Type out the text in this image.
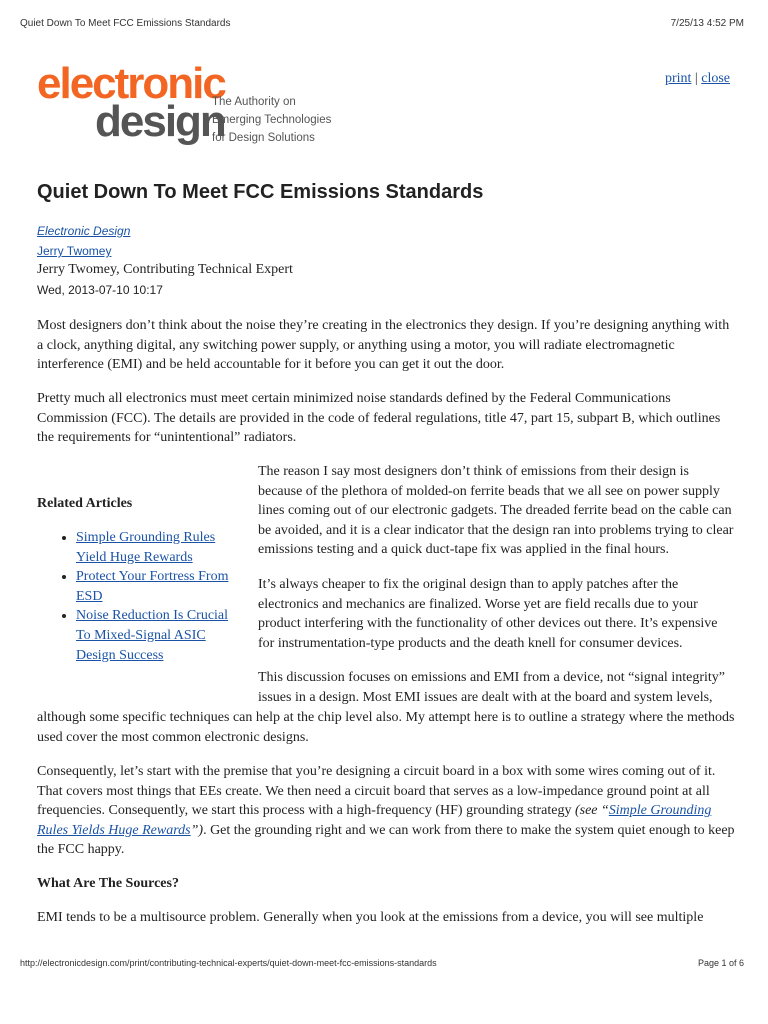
Quiet Down To Meet FCC Emissions Standards	7/25/13 4:52 PM
electronic
design
The Authority on
Emerging Technologies
for Design Solutions
print | close
Quiet Down To Meet FCC Emissions Standards
Electronic Design
Jerry Twomey
Jerry Twomey, Contributing Technical Expert
Wed, 2013-07-10 10:17

Most designers don’t think about the noise they’re creating in the electronics they design. If you’re designing anything with a clock, anything digital, any switching power supply, or anything using a motor, you will radiate electromagnetic interference (EMI) and be held accountable for it before you can get it out the door.

Pretty much all electronics must meet certain minimized noise standards defined by the Federal Communications Commission (FCC). The details are provided in the code of federal regulations, title 47, part 15, subpart B, which outlines the requirements for “unintentional” radiators.

Related Articles
• Simple Grounding Rules Yield Huge Rewards
• Protect Your Fortress From ESD
• Noise Reduction Is Crucial To Mixed-Signal ASIC Design Success

The reason I say most designers don’t think of emissions from their design is because of the plethora of molded-on ferrite beads that we all see on power supply lines coming out of our electronic gadgets. The dreaded ferrite bead on the cable can be avoided, and it is a clear indicator that the design ran into problems trying to clear emissions testing and a quick duct-tape fix was applied in the final hours.

It’s always cheaper to fix the original design than to apply patches after the electronics and mechanics are finalized. Worse yet are field recalls due to your product interfering with the functionality of other devices out there. It’s expensive for instrumentation-type products and the death knell for consumer devices.

This discussion focuses on emissions and EMI from a device, not “signal integrity” issues in a design. Most EMI issues are dealt with at the board and system levels,

although some specific techniques can help at the chip level also. My attempt here is to outline a strategy where the methods used cover the most common electronic designs.

Consequently, let’s start with the premise that you’re designing a circuit board in a box with some wires coming out of it. That covers most things that EEs create. We then need a circuit board that serves as a low-impedance ground point at all frequencies. Consequently, we start this process with a high-frequency (HF) grounding strategy (see “Simple Grounding Rules Yields Huge Rewards”). Get the grounding right and we can work from there to make the system quiet enough to keep the FCC happy.

What Are The Sources?

EMI tends to be a multisource problem. Generally when you look at the emissions from a device, you will see multiple

http://electronicdesign.com/print/contributing-technical-experts/quiet-down-meet-fcc-emissions-standards	Page 1 of 6
